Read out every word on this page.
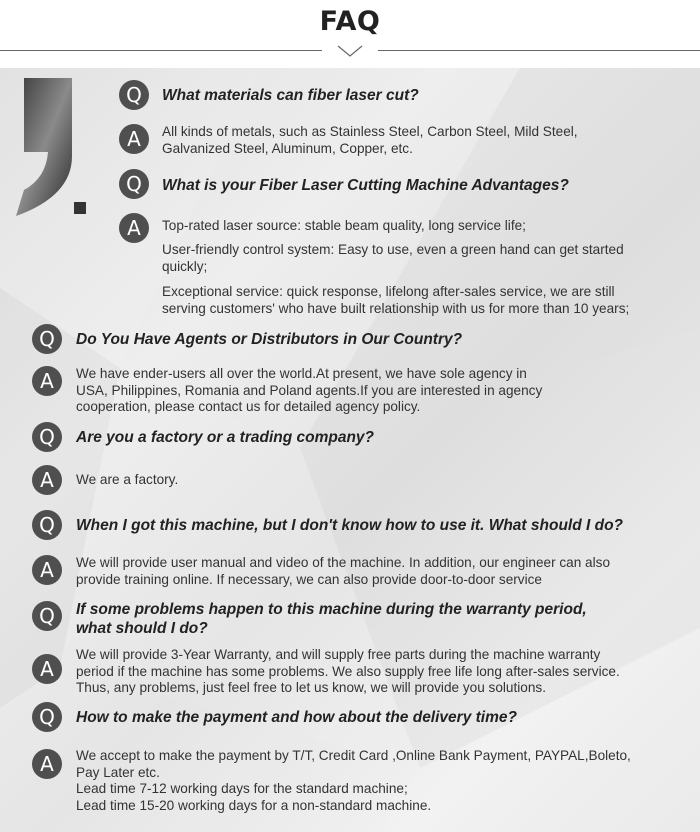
FAQ
Q	What materials can fiber laser cut?
A	All kinds of metals, such as Stainless Steel, Carbon Steel, Mild Steel,
Galvanized Steel, Aluminum, Copper, etc.
Q	What is your Fiber Laser Cutting Machine Advantages?
A	Top-rated laser source: stable beam quality, long service life;
User-friendly control system: Easy to use, even a green hand can get started
quickly;
Exceptional service: quick response, lifelong after-sales service, we are still
serving customers' who have built relationship with us for more than 10 years;
Q	Do You Have Agents or Distributors in Our Country?
A	We have ender-users all over the world.At present, we have sole agency in
USA, Philippines, Romania and Poland agents.If you are interested in agency
cooperation, please contact us for detailed agency policy.
Q	Are you a factory or a trading company?
A	We are a factory.
Q	When I got this machine, but I don't know how to use it. What should I do?
A	We will provide user manual and video of the machine. In addition, our engineer can also
provide training online. If necessary, we can also provide door-to-door service
Q	If some problems happen to this machine during the warranty period,
what should I do?
A
We will provide 3-Year Warranty, and will supply free parts during the machine warranty
period if the machine has some problems. We also supply free life long after-sales service.
Thus, any problems, just feel free to let us know, we will provide you solutions.
Q	How to make the payment and how about the delivery time?
A	We accept to make the payment by T/T, Credit Card ,Online Bank Payment, PAYPAL,Boleto,
Pay Later etc.
Lead time 7-12 working days for the standard machine;
Lead time 15-20 working days for a non-standard machine.
